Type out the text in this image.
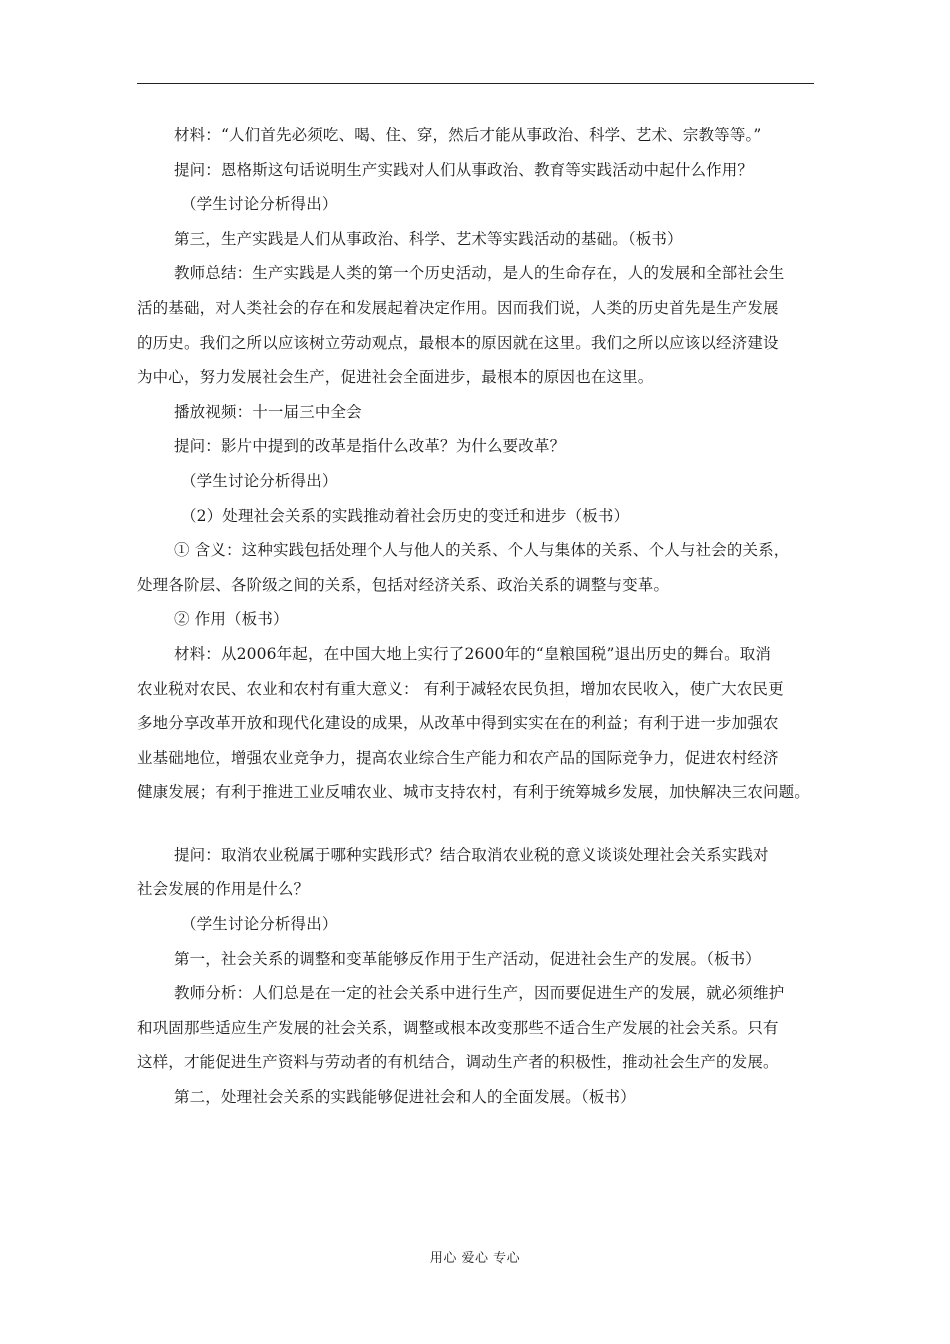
材料：“人们首先必须吃、喝、住、穿，然后才能从事政治、科学、艺术、宗教等等。”

提问：恩格斯这句话说明生产实践对人们从事政治、教育等实践活动中起什么作用？

（学生讨论分析得出）

第三，生产实践是人们从事政治、科学、艺术等实践活动的基础。（板书）

教师总结：生产实践是人类的第一个历史活动，是人的生命存在，人的发展和全部社会生

活的基础，对人类社会的存在和发展起着决定作用。因而我们说，人类的历史首先是生产发展

的历史。我们之所以应该树立劳动观点，最根本的原因就在这里。我们之所以应该以经济建设

为中心，努力发展社会生产，促进社会全面进步，最根本的原因也在这里。

播放视频：十一届三中全会

提问：影片中提到的改革是指什么改革？为什么要改革？

（学生讨论分析得出）

（2）处理社会关系的实践推动着社会历史的变迁和进步（板书）

① 含义：这种实践包括处理个人与他人的关系、个人与集体的关系、个人与社会的关系，

处理各阶层、各阶级之间的关系，包括对经济关系、政治关系的调整与变革。

② 作用（板书）

材料：从2006年起，在中国大地上实行了2600年的“皇粮国税”退出历史的舞台。取消

农业税对农民、农业和农村有重大意义： 有利于减轻农民负担，增加农民收入，使广大农民更

多地分享改革开放和现代化建设的成果，从改革中得到实实在在的利益；有利于进一步加强农

业基础地位，增强农业竞争力，提高农业综合生产能力和农产品的国际竞争力，促进农村经济

健康发展；有利于推进工业反哺农业、城市支持农村，有利于统筹城乡发展，加快解决三农问题。

提问：取消农业税属于哪种实践形式？结合取消农业税的意义谈谈处理社会关系实践对

社会发展的作用是什么？

（学生讨论分析得出）

第一，社会关系的调整和变革能够反作用于生产活动，促进社会生产的发展。（板书）

教师分析：人们总是在一定的社会关系中进行生产，因而要促进生产的发展，就必须维护

和巩固那些适应生产发展的社会关系，调整或根本改变那些不适合生产发展的社会关系。只有

这样，才能促进生产资料与劳动者的有机结合，调动生产者的积极性，推动社会生产的发展。

第二，处理社会关系的实践能够促进社会和人的全面发展。（板书）

用心 爱心 专心
